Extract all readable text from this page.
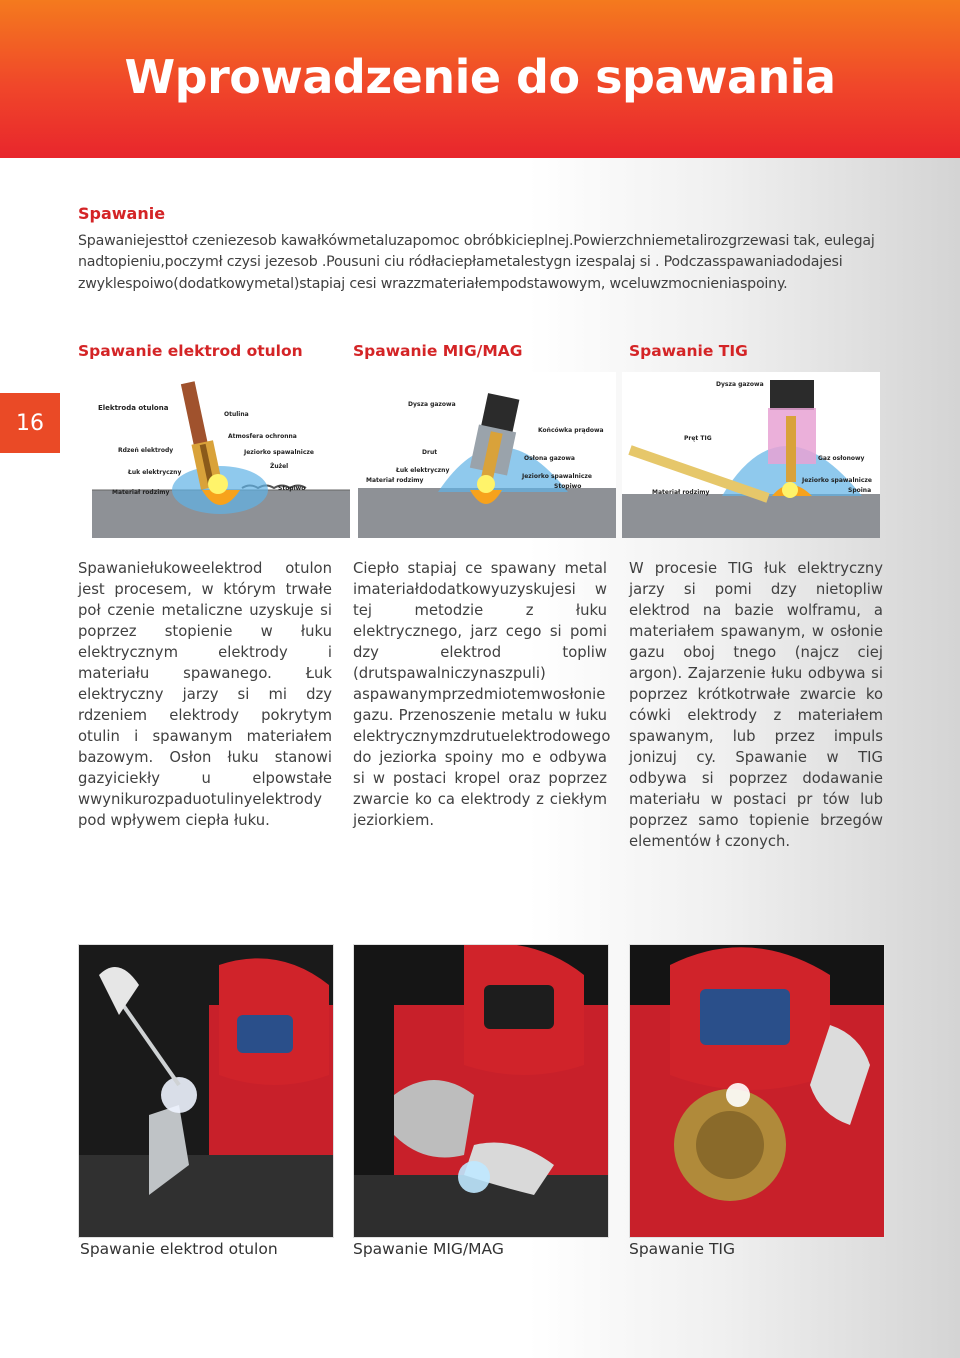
Wprowadzenie do spawania
16
Spawanie

Spawaniejesttoł czeniezesob kawałkówmetaluzapomoc obróbkicieplnej.Powierzchniemetalirozgrzewasi tak, eulegaj nadtopieniu,poczymł czysi jezesob .Pousuni ciu ródłaciepłametalestygn izespalaj si . Podczasspawaniadodajesi zwyklespoiwo(dodatkowymetal)stapiaj cesi wrazzmateriałempodstawowym, wceluwzmocnieniaspoiny.

Spawanie elektrod otulon
Elektroda otulona
Otulina
Atmosfera ochronna
Rdzeń elektrody	Jeziorko spawalnicze
Łuk elektryczny
Żużel
Materiał rodzimy
Stopiwo

Spawaniełukoweelektrod otulon jest procesem, w którym trwałe poł czenie metaliczne uzyskuje si poprzez stopienie w łuku elektrycznym elektrody i materiału spawanego. Łuk elektryczny jarzy si mi dzy rdzeniem elektrody pokrytym otulin i spawanym materiałem bazowym. Osłon łuku stanowi gazyiciekły u elpowstałe wwynikurozpaduotulinyelektrody pod wpływem ciepła łuku.

Spawanie MIG/MAG
Dysza gazowa
Końcówka prądowa
Drut
Osłona gazowa
Łuk elektryczny
Jeziorko spawalnicze
Materiał rodzimy
Stopiwo

Ciepło stapiaj ce spawany metal imateriałdodatkowyuzyskujesi w tej metodzie z łuku elektrycznego, jarz cego si pomi dzy elektrod topliw (drutspawalniczynaszpuli) aspawanymprzedmiotemwosłonie gazu. Przenoszenie metalu w łuku elektrycznymzdrutuelektrodowego do jeziorka spoiny mo e odbywa si w postaci kropel oraz poprzez zwarcie ko ca elektrody z ciekłym jeziorkiem.

Spawanie TIG
Dysza gazowa
Pręt TIG
Gaz osłonowy
Jeziorko spawalnicze
Materiał rodzimy	Spoina

W procesie TIG łuk elektryczny jarzy si pomi dzy nietopliw elektrod na bazie wolframu, a materiałem spawanym, w osłonie gazu oboj tnego (najcz ciej argon). Zajarzenie łuku odbywa si poprzez krótkotrwałe zwarcie ko cówki elektrody z materiałem spawanym, lub przez impuls jonizuj cy. Spawanie w TIG odbywa si poprzez dodawanie materiału w postaci pr tów lub poprzez samo topienie brzegów elementów ł czonych.

Spawanie elektrod otulon	Spawanie MIG/MAG	Spawanie TIG
